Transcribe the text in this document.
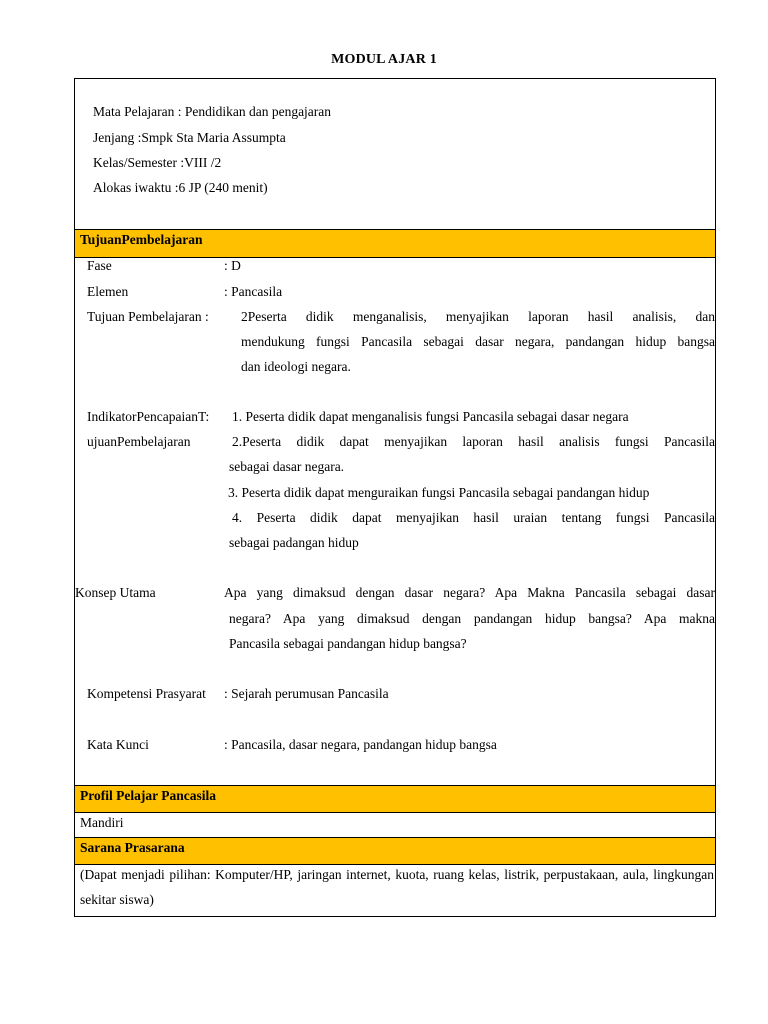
MODUL AJAR 1
Mata Pelajaran : Pendidikan dan pengajaran
Jenjang :Smpk Sta Maria Assumpta
Kelas/Semester :VIII /2
Alokas iwaktu :6 JP (240 menit)
TujuanPembelajaran
Fase	: D
Elemen	: Pancasila
Tujuan Pembelajaran : 2Peserta didik menganalisis, menyajikan laporan hasil analisis, dan
mendukung fungsi Pancasila sebagai dasar negara, pandangan hidup bangsa
dan ideologi negara.
IndikatorPencapaianT:
ujuanPembelajaran
1. Peserta didik dapat menganalisis fungsi Pancasila sebagai dasar negara
2.Peserta didik dapat menyajikan laporan hasil analisis fungsi Pancasila
sebagai dasar negara.
3. Peserta didik dapat menguraikan fungsi Pancasila sebagai pandangan hidup
4. Peserta didik dapat menyajikan hasil uraian tentang fungsi Pancasila
sebagai padangan hidup
Konsep Utama	Apa yang dimaksud dengan dasar negara? Apa Makna Pancasila sebagai dasar
negara? Apa yang dimaksud dengan pandangan hidup bangsa? Apa makna
Pancasila sebagai pandangan hidup bangsa?
Kompetensi Prasyarat : Sejarah perumusan Pancasila
Kata Kunci	: Pancasila, dasar negara, pandangan hidup bangsa
Profil Pelajar Pancasila
Mandiri
Sarana Prasarana
(Dapat menjadi pilihan: Komputer/HP, jaringan internet, kuota, ruang kelas, listrik, perpustakaan, aula, lingkungan sekitar siswa)
